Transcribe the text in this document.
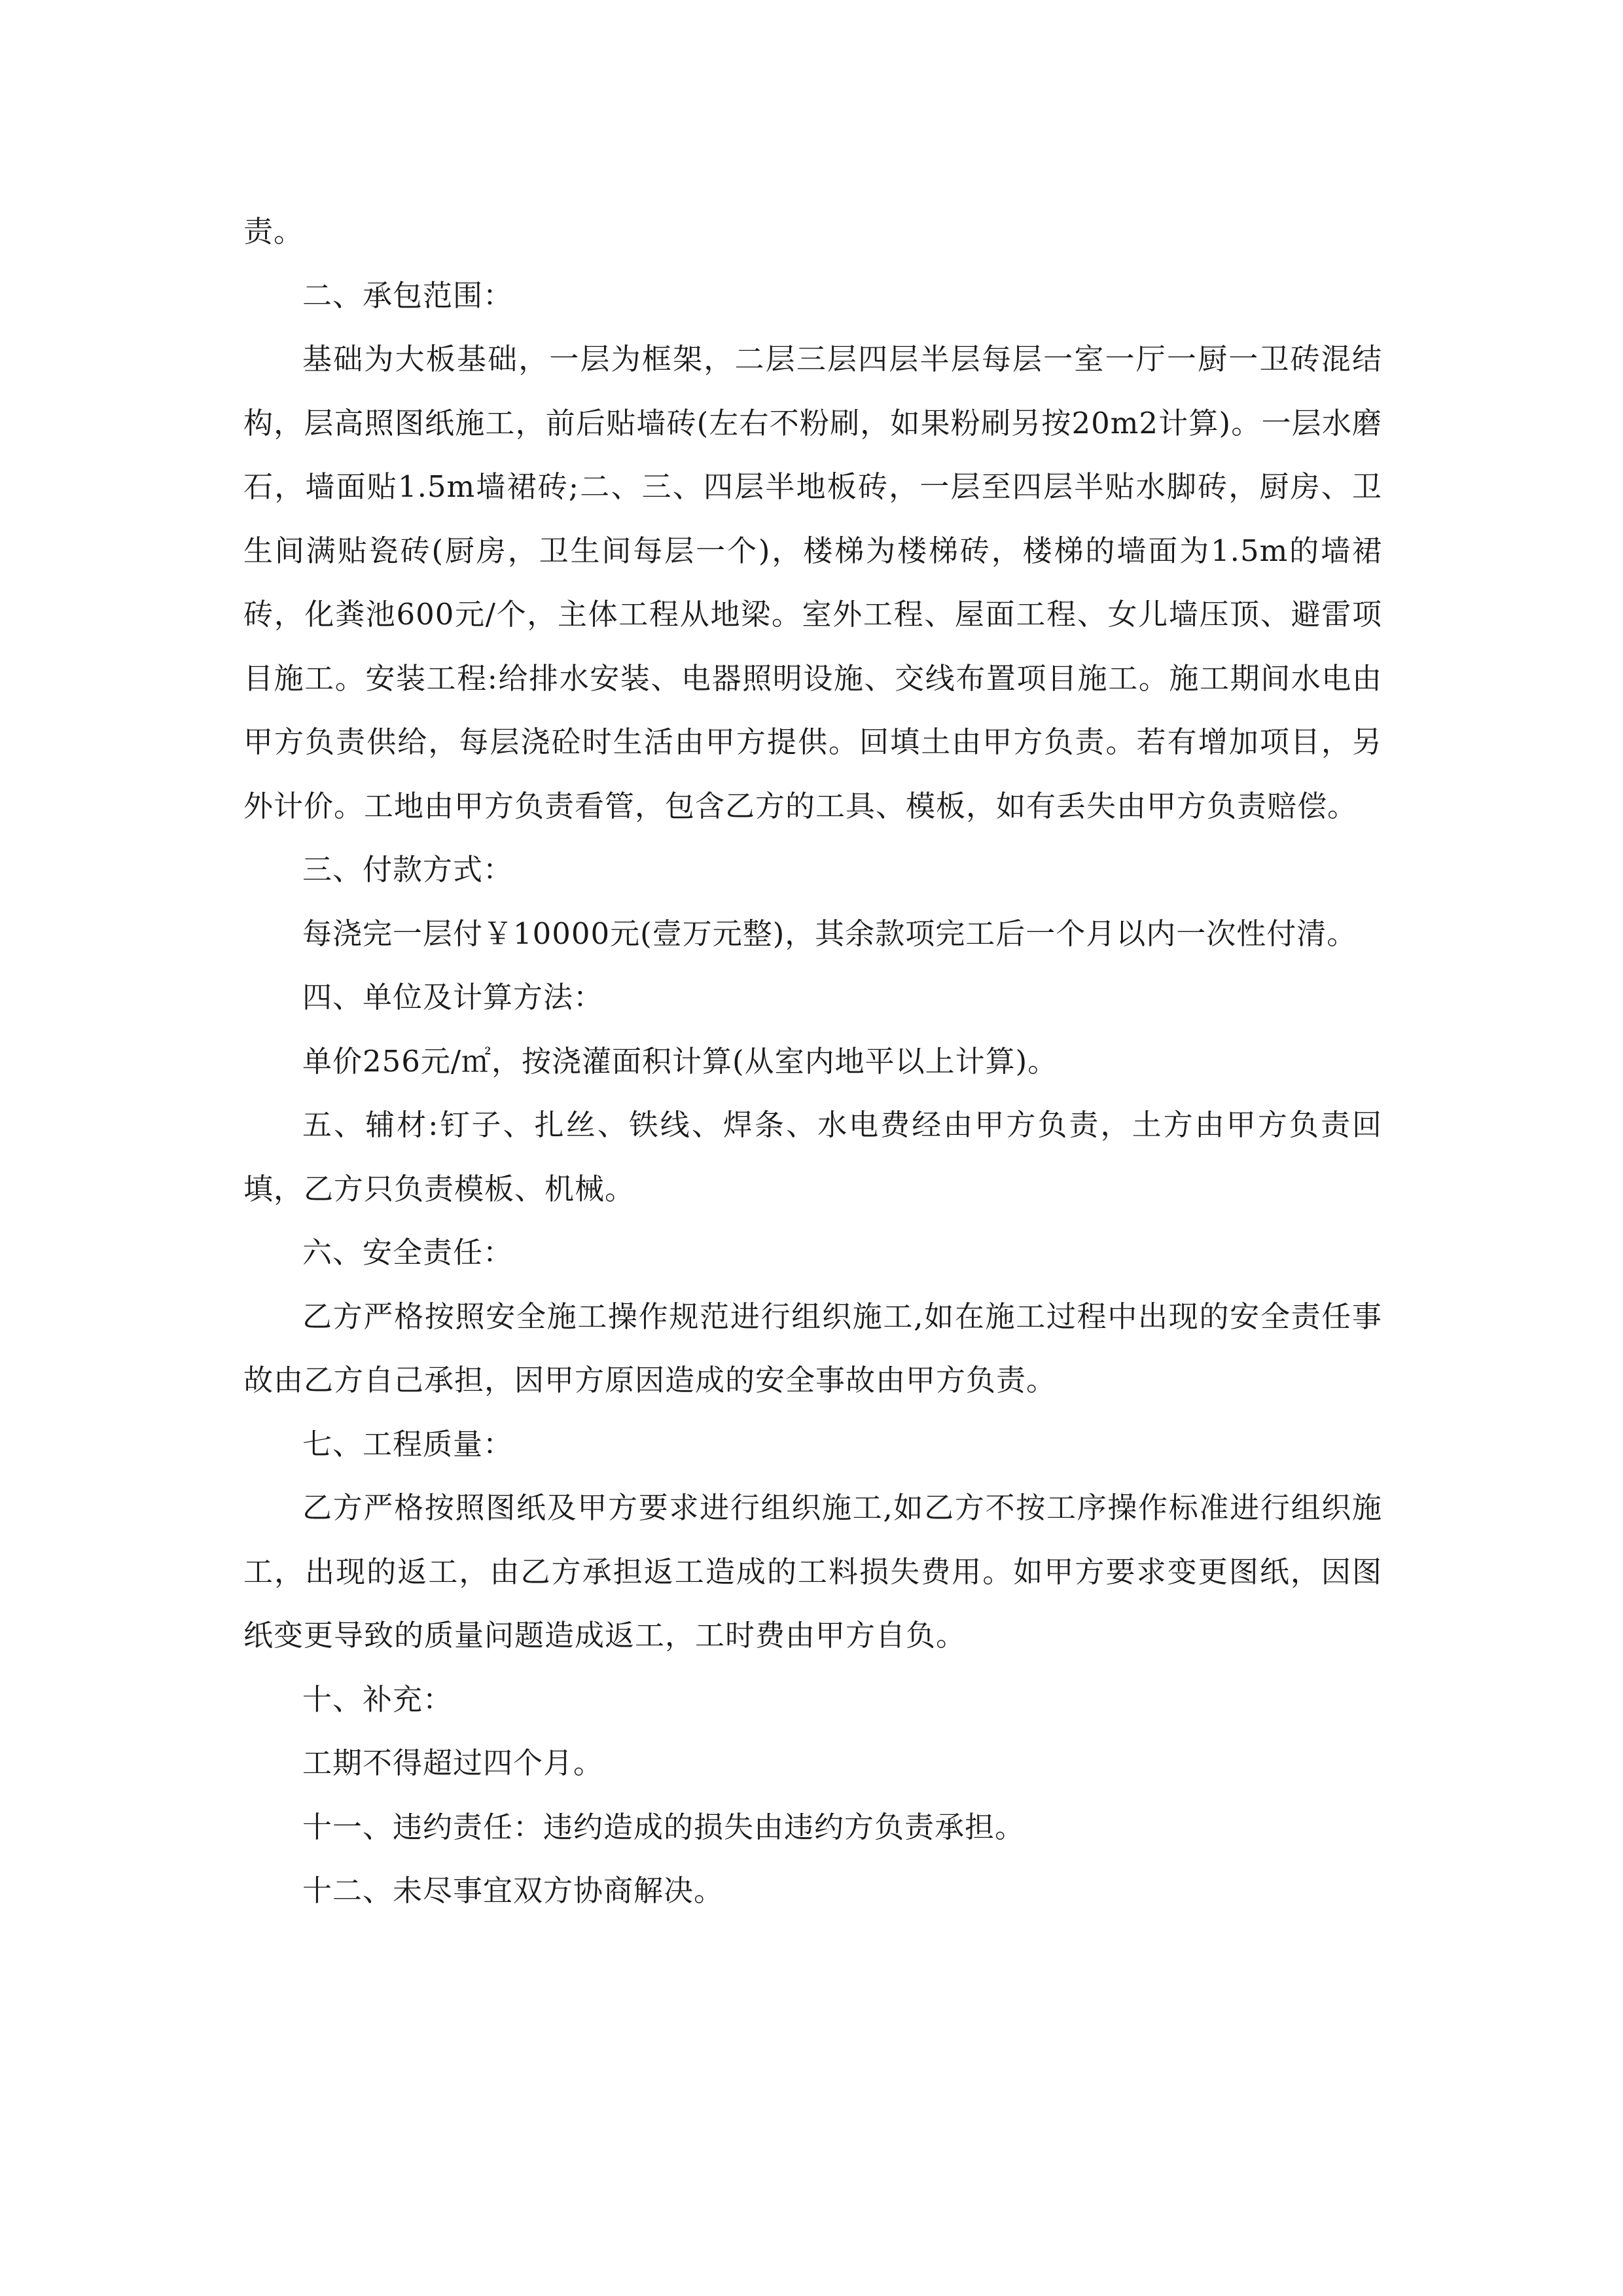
责。

二、承包范围：

基础为大板基础，一层为框架，二层三层四层半层每层一室一厅一厨一卫砖混结构，层高照图纸施工，前后贴墙砖(左右不粉刷，如果粉刷另按20m2计算)。一层水磨石，墙面贴1.5m墙裙砖;二、三、四层半地板砖，一层至四层半贴水脚砖，厨房、卫生间满贴瓷砖(厨房，卫生间每层一个)，楼梯为楼梯砖，楼梯的墙面为1.5m的墙裙砖，化粪池600元/个，主体工程从地梁。室外工程、屋面工程、女儿墙压顶、避雷项目施工。安装工程:给排水安装、电器照明设施、交线布置项目施工。施工期间水电由甲方负责供给，每层浇砼时生活由甲方提供。回填土由甲方负责。若有增加项目，另外计价。工地由甲方负责看管，包含乙方的工具、模板，如有丢失由甲方负责赔偿。

三、付款方式：

每浇完一层付￥10000元(壹万元整)，其余款项完工后一个月以内一次性付清。

四、单位及计算方法：

单价256元/㎡，按浇灌面积计算(从室内地平以上计算)。

五、辅材:钉子、扎丝、铁线、焊条、水电费经由甲方负责，土方由甲方负责回填，乙方只负责模板、机械。

六、安全责任：

乙方严格按照安全施工操作规范进行组织施工,如在施工过程中出现的安全责任事故由乙方自己承担，因甲方原因造成的安全事故由甲方负责。

七、工程质量：

乙方严格按照图纸及甲方要求进行组织施工,如乙方不按工序操作标准进行组织施工，出现的返工，由乙方承担返工造成的工料损失费用。如甲方要求变更图纸，因图纸变更导致的质量问题造成返工，工时费由甲方自负。

十、补充：

工期不得超过四个月。

十一、违约责任：违约造成的损失由违约方负责承担。

十二、未尽事宜双方协商解决。
